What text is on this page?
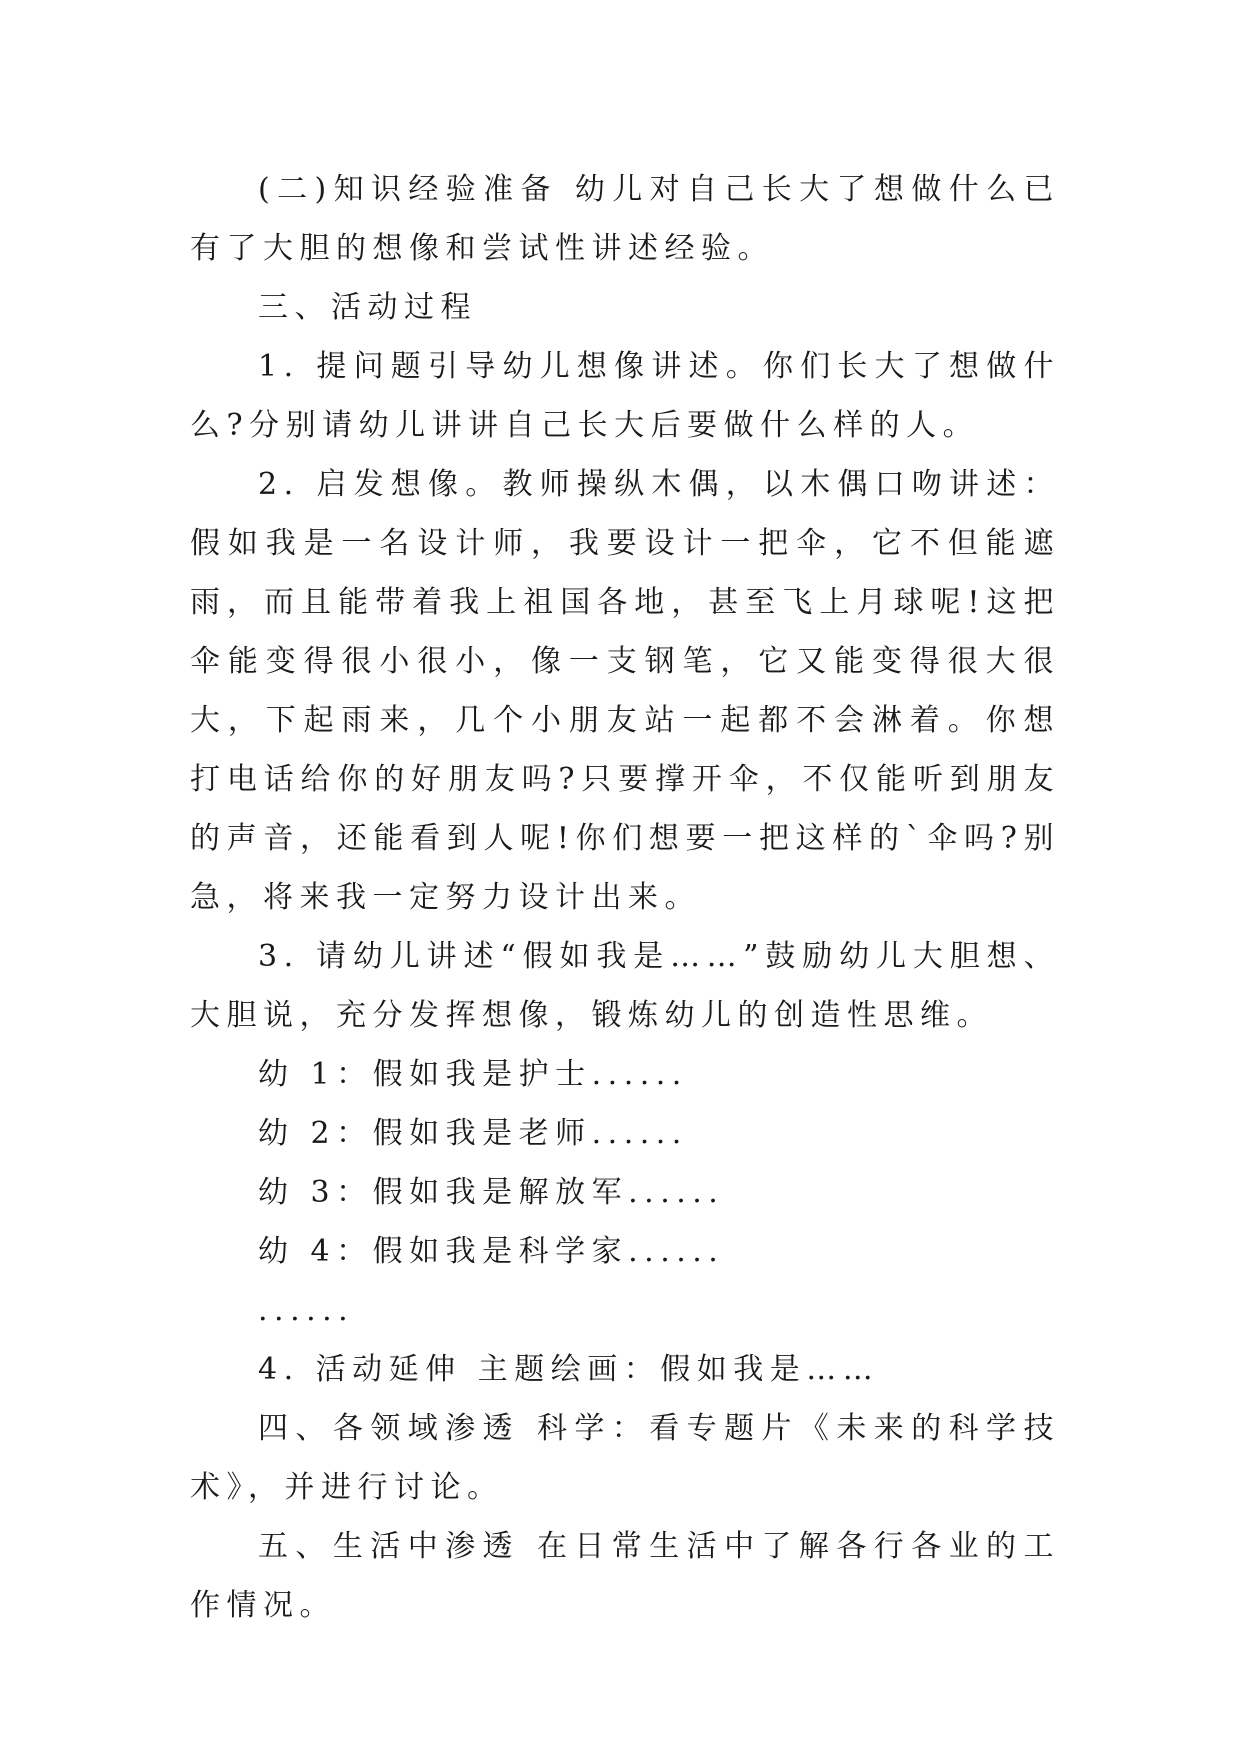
(二)知识经验准备 幼儿对自己长大了想做什么已有了大胆的想像和尝试性讲述经验。

三、活动过程

1. 提问题引导幼儿想像讲述。你们长大了想做什么?分别请幼儿讲讲自己长大后要做什么样的人。

2. 启发想像。教师操纵木偶，以木偶口吻讲述：假如我是一名设计师，我要设计一把伞，它不但能遮雨，而且能带着我上祖国各地，甚至飞上月球呢!这把伞能变得很小很小，像一支钢笔，它又能变得很大很大，下起雨来，几个小朋友站一起都不会淋着。你想打电话给你的好朋友吗?只要撑开伞，不仅能听到朋友的声音，还能看到人呢!你们想要一把这样的`伞吗?别急，将来我一定努力设计出来。

3. 请幼儿讲述“假如我是……”鼓励幼儿大胆想、大胆说，充分发挥想像，锻炼幼儿的创造性思维。

幼 1：假如我是护士......

幼 2：假如我是老师......

幼 3：假如我是解放军......

幼 4：假如我是科学家......

......

4. 活动延伸 主题绘画：假如我是……

四、各领域渗透 科学：看专题片《未来的科学技术》，并进行讨论。

五、生活中渗透 在日常生活中了解各行各业的工作情况。
